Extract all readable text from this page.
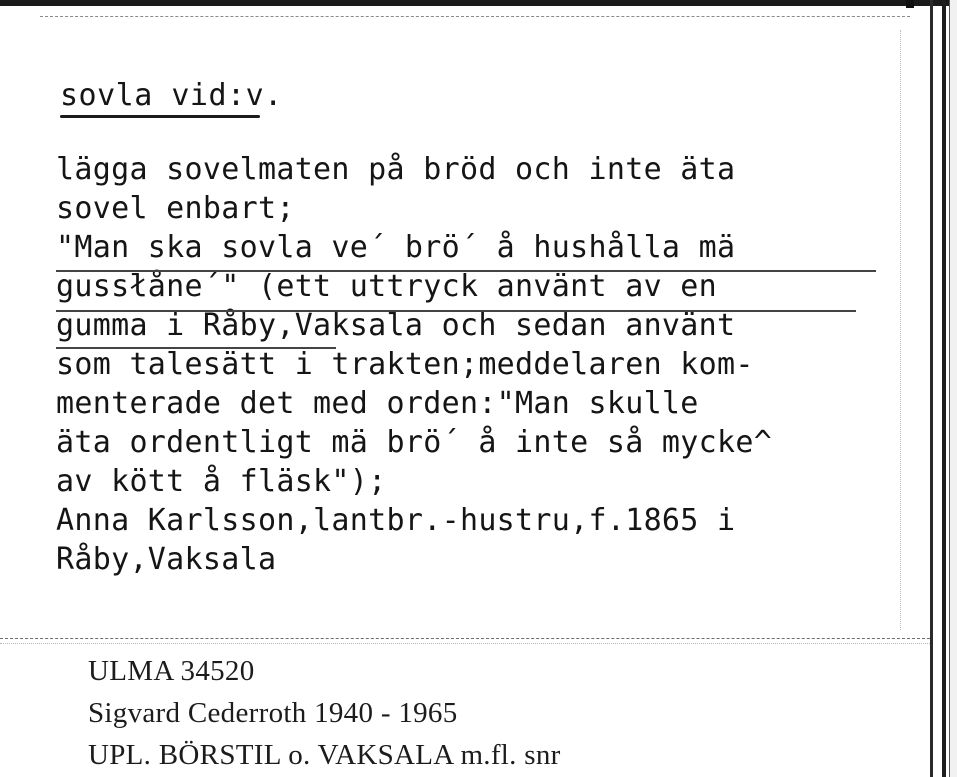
sovla vid:v.
lägga sovelmaten på bröd och inte äta
sovel enbart;
"Man ska sovla ve´ brö´ å hushålla mä
gussłåne´" (ett uttryck använt av en
gumma i Råby,Vaksala och sedan använt
som talesätt i trakten;meddelaren kom-
menterade det med orden:"Man skulle
äta ordentligt mä brö´ å inte så mycke^
av kött å fläsk");
Anna Karlsson,lantbr.-hustru,f.1865 i
Råby,Vaksala
ULMA 34520
Sigvard Cederroth 1940 - 1965
UPL. BÖRSTIL o. VAKSALA m.fl. snr
